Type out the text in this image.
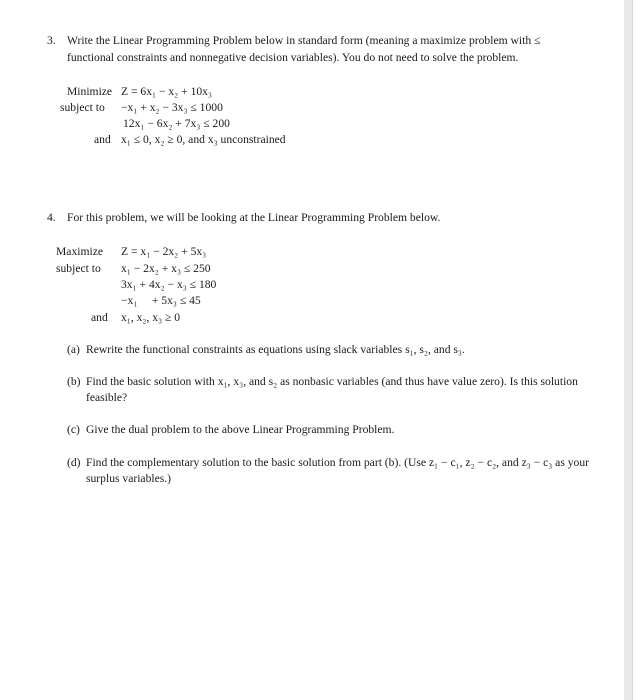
3. Write the Linear Programming Problem below in standard form (meaning a maximize problem with ≤
functional constraints and nonnegative decision variables). You do not need to solve the problem.
Minimize Z = 6x₁ − x₂ + 10x₃
subject to −x₁ + x₂ − 3x₃ ≤ 1000
12x₁ − 6x₂ + 7x₃ ≤ 200
and x₁ ≤ 0, x₂ ≥ 0, and x₃ unconstrained
4. For this problem, we will be looking at the Linear Programming Problem below.
Maximize Z = x₁ − 2x₂ + 5x₃
subject to x₁ − 2x₂ + x₃ ≤ 250
3x₁ + 4x₂ − x₃ ≤ 180
−x₁     + 5x₃ ≤ 45
and x₁, x₂, x₃ ≥ 0
(a) Rewrite the functional constraints as equations using slack variables s₁, s₂, and s₃.
(b) Find the basic solution with x₁, x₃, and s₂ as nonbasic variables (and thus have value zero). Is this solution feasible?
(c) Give the dual problem to the above Linear Programming Problem.
(d) Find the complementary solution to the basic solution from part (b). (Use z₁ − c₁, z₂ − c₂, and z₃ − c₃ as your surplus variables.)
